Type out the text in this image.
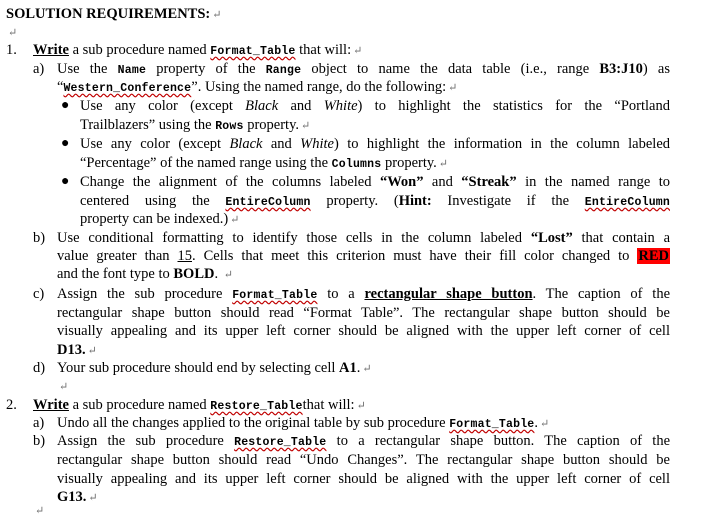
SOLUTION REQUIREMENTS: ↵
↵
1. Write a sub procedure named Format_Table that will: ↵
a) Use the Name property of the Range object to name the data table (i.e., range B3:J10) as
“Western_Conference”. Using the named range, do the following: ↵
● Use any color (except Black and White) to highlight the statistics for the “Portland
Trailblazers” using the Rows property. ↵
● Use any color (except Black and White) to highlight the information in the column labeled
“Percentage” of the named range using the Columns property. ↵
● Change the alignment of the columns labeled “Won” and “Streak” in the named range to
centered using the EntireColumn property. (Hint: Investigate if the EntireColumn
property can be indexed.) ↵
b) Use conditional formatting to identify those cells in the column labeled “Lost” that contain a
value greater than 15. Cells that meet this criterion must have their fill color changed to RED
and the font type to BOLD. ↵
c) Assign the sub procedure Format_Table to a rectangular shape button. The caption of the
rectangular shape button should read “Format Table”. The rectangular shape button should be
visually appealing and its upper left corner should be aligned with the upper left corner of cell
D13. ↵
d) Your sub procedure should end by selecting cell A1. ↵
↵
2. Write a sub procedure named Restore_Tablethat will: ↵
a) Undo all the changes applied to the original table by sub procedure Format_Table. ↵
b) Assign the sub procedure Restore_Table to a rectangular shape button. The caption of the
rectangular shape button should read “Undo Changes”. The rectangular shape button should be
visually appealing and its upper left corner should be aligned with the upper left corner of cell
G13. ↵
↵
